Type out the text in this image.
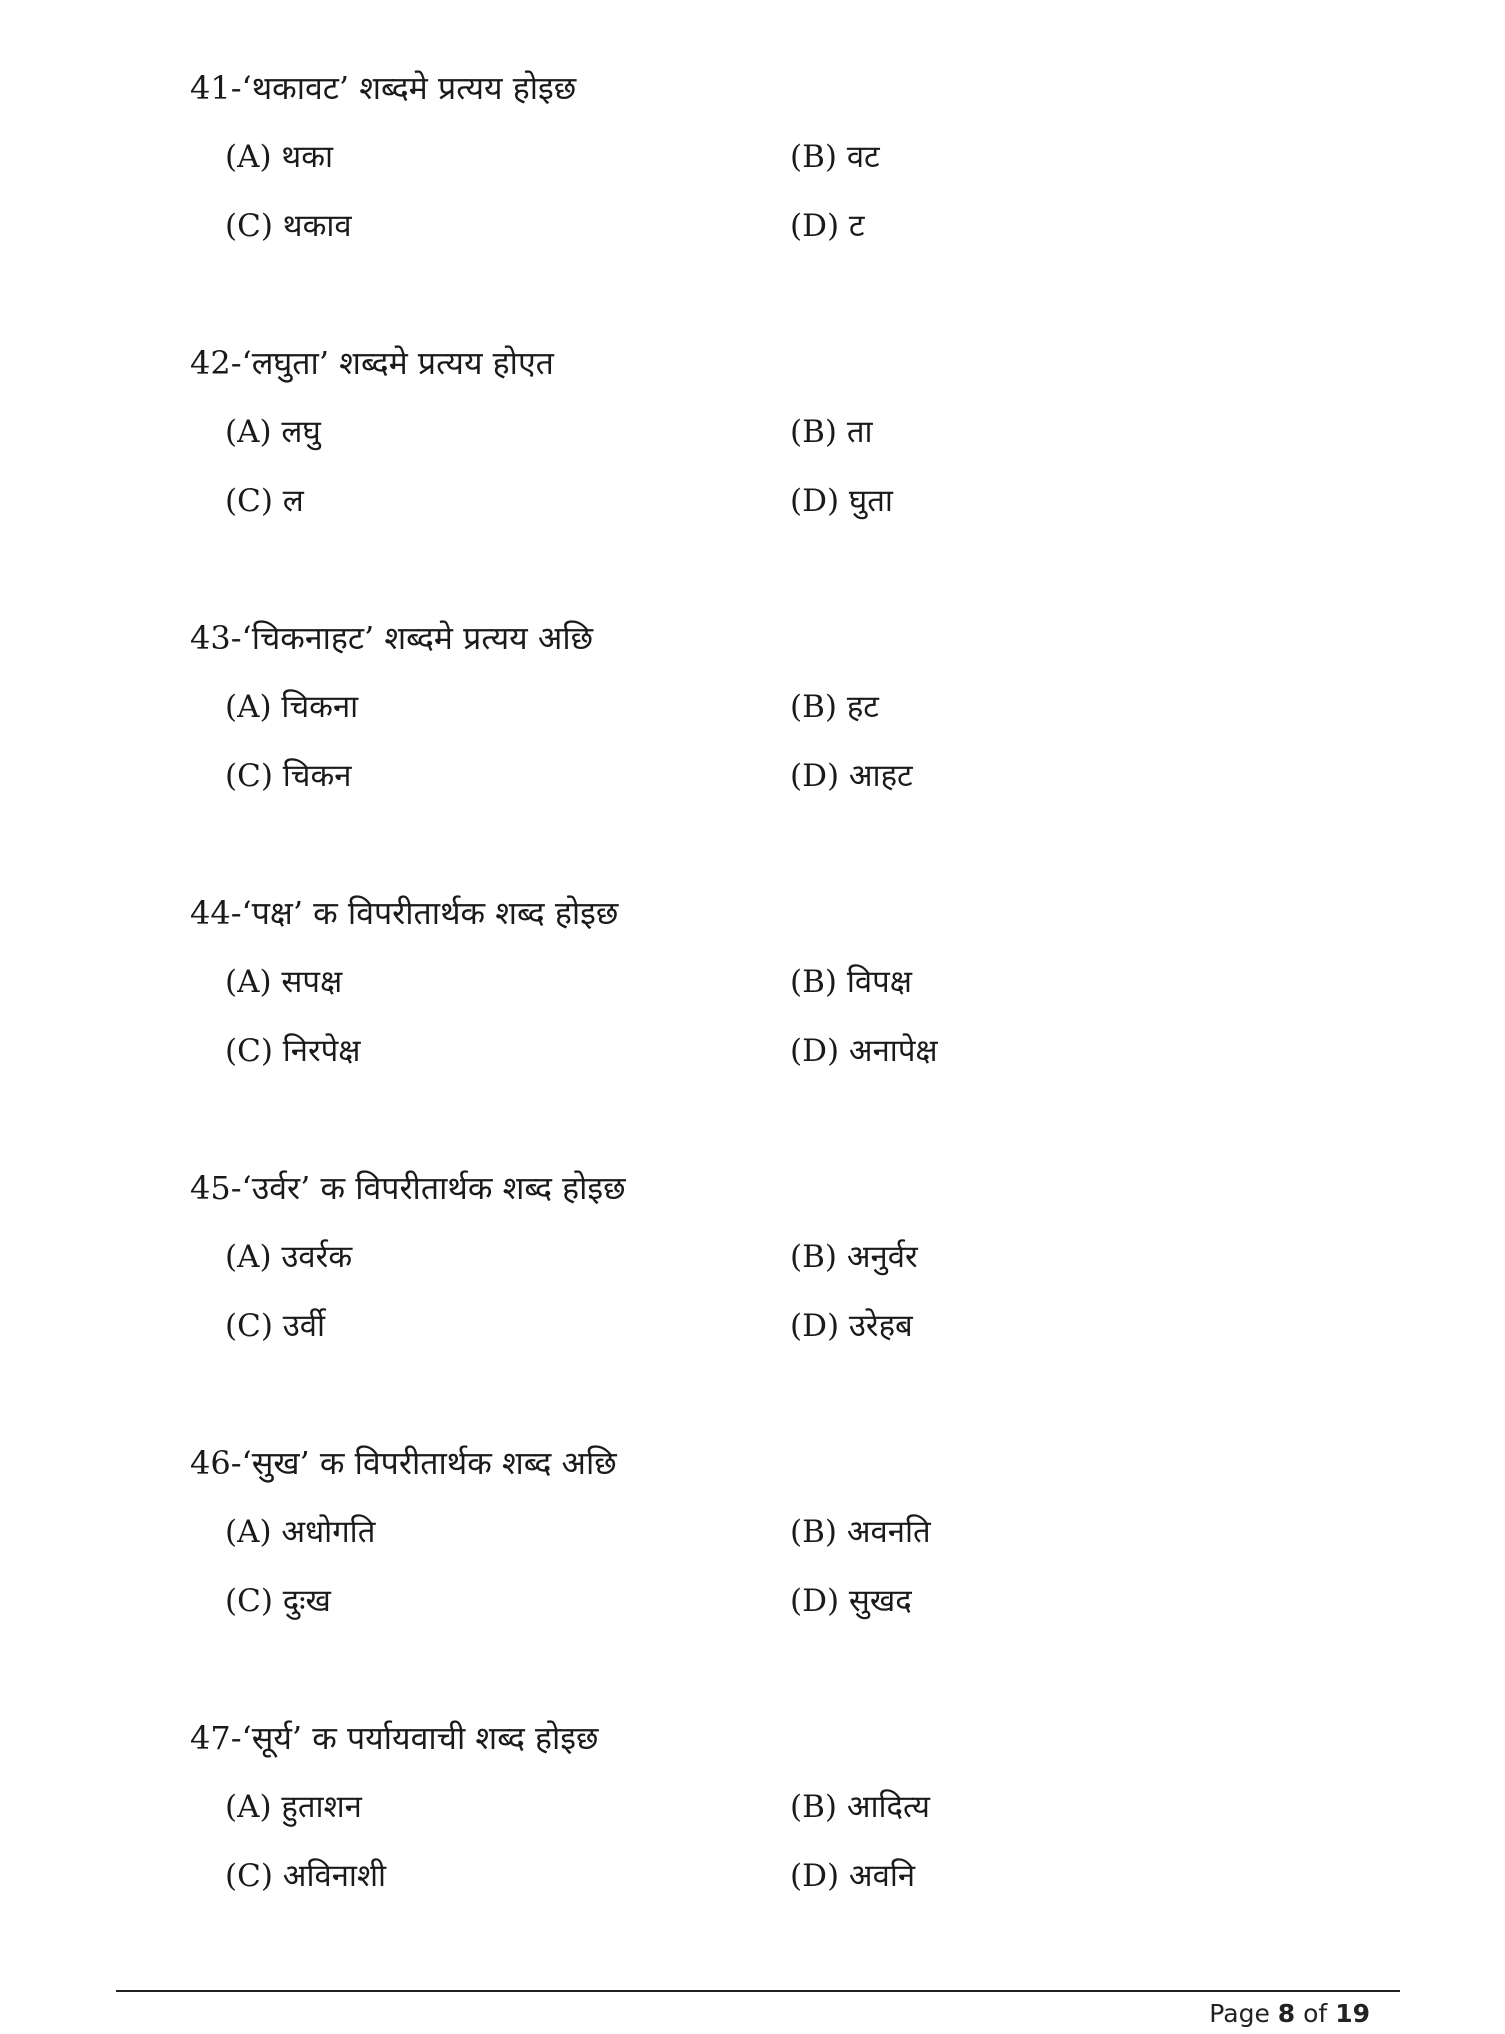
41-‘थकावट’ शब्दमे प्रत्यय होइछ
(A) थका	(B) वट
(C) थकाव	(D) ट
42-‘लघुता’ शब्दमे प्रत्यय होएत
(A) लघु	(B) ता
(C) ल	(D) घुता
43-‘चिकनाहट’ शब्दमे प्रत्यय अछि
(A) चिकना	(B) हट
(C) चिकन	(D) आहट
44-‘पक्ष’ क विपरीतार्थक शब्द होइछ
(A) सपक्ष	(B) विपक्ष
(C) निरपेक्ष	(D) अनापेक्ष
45-‘उर्वर’ क विपरीतार्थक शब्द होइछ
(A) उवर्रक	(B) अनुर्वर
(C) उर्वी	(D) उरेहब
46-‘सुख’ क विपरीतार्थक शब्द अछि
(A) अधोगति	(B) अवनति
(C) दुःख	(D) सुखद
47-‘सूर्य’ क पर्यायवाची शब्द होइछ
(A) हुताशन	(B) आदित्य
(C) अविनाशी	(D) अवनि
Page 8 of 19
